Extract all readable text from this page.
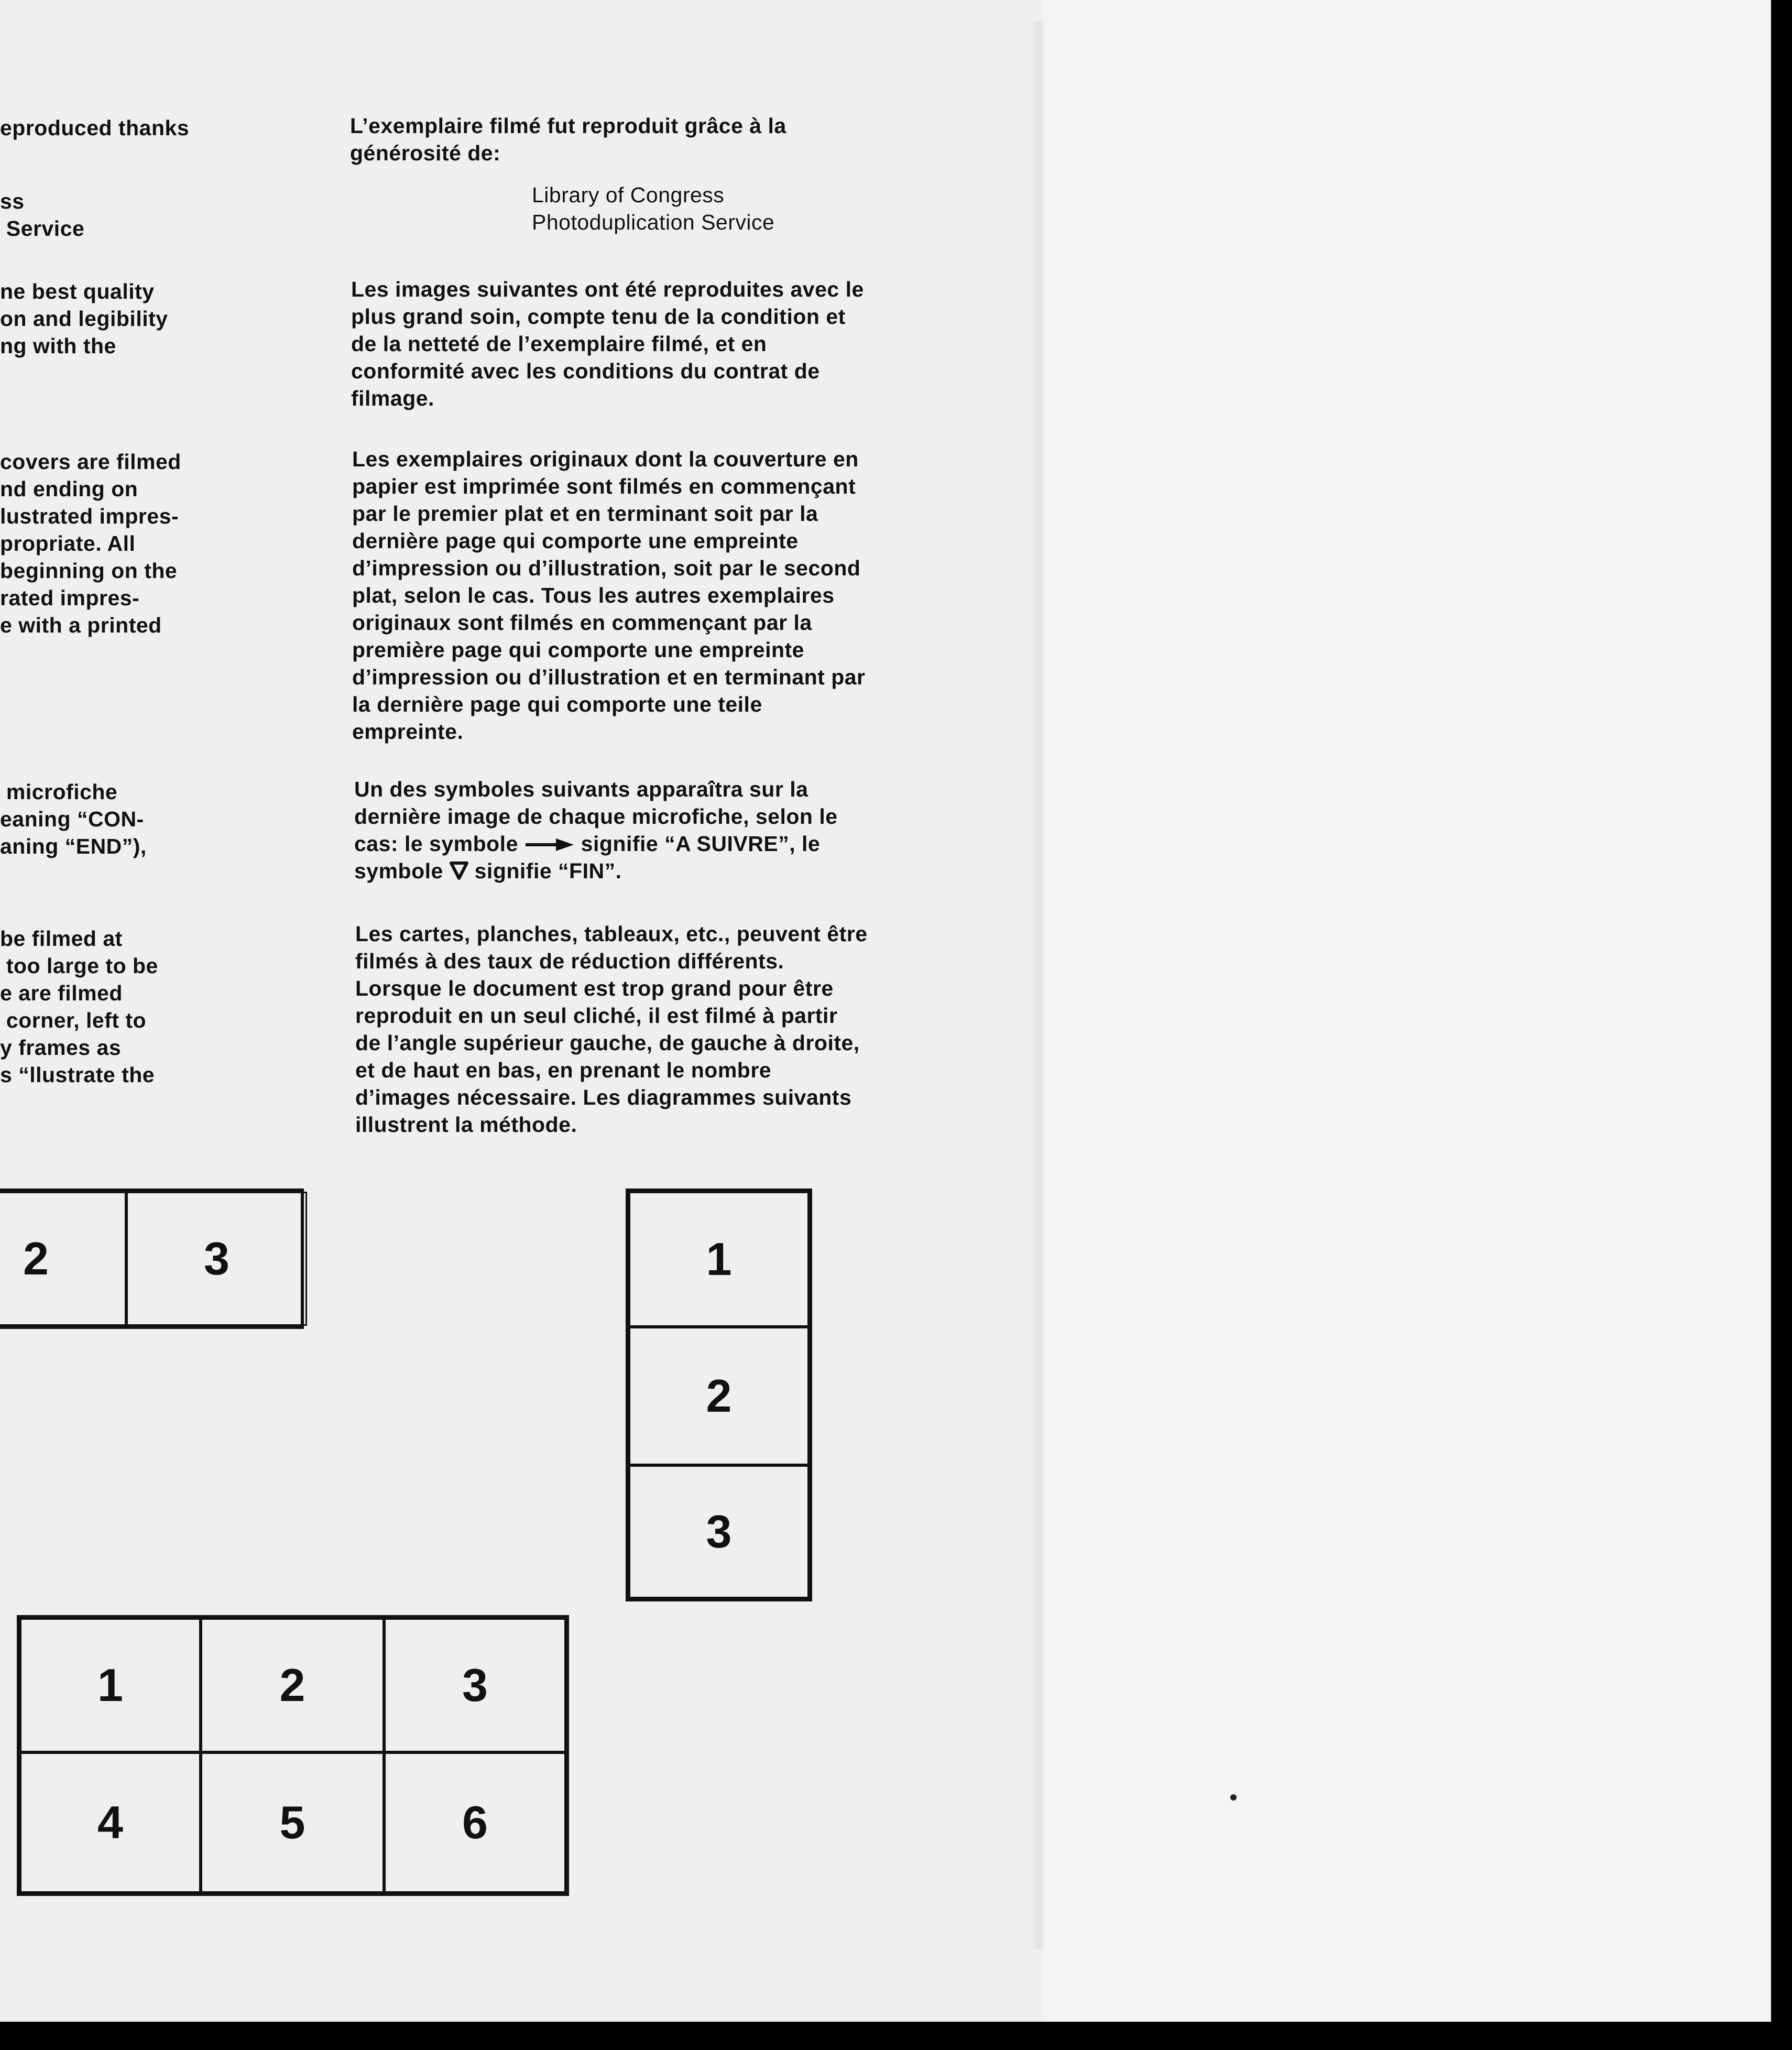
eproduced thanks

ss

Service

ne best quality
on and legibility
ng with the

covers are filmed
nd ending on
lustrated impres-
propriate. All
beginning on the
rated impres-
e with a printed

microfiche
eaning “CON-
aning “END”),

be filmed at
too large to be
e are filmed
corner, left to
y frames as
s “llustrate the

L’exemplaire filmé fut reproduit grâce à la
générosité de:

Library of Congress
Photoduplication Service

Les images suivantes ont été reproduites avec le
plus grand soin, compte tenu de la condition et
de la netteté de l’exemplaire filmé, et en
conformité avec les conditions du contrat de
filmage.

Les exemplaires originaux dont la couverture en
papier est imprimée sont filmés en commençant
par le premier plat et en terminant soit par la
dernière page qui comporte une empreinte
d’impression ou d’illustration, soit par le second
plat, selon le cas. Tous les autres exemplaires
originaux sont filmés en commençant par la
première page qui comporte une empreinte
d’impression ou d’illustration et en terminant par
la dernière page qui comporte une teile
empreinte.

Un des symboles suivants apparaîtra sur la

dernière image de chaque microfiche, selon le

cas: le symbole  signifie “A SUIVRE”, le

symbole  signifie “FIN”.

Les cartes, planches, tableaux, etc., peuvent être
filmés à des taux de réduction différents.
Lorsque le document est trop grand pour être
reproduit en un seul cliché, il est filmé à partir
de l’angle supérieur gauche, de gauche à droite,
et de haut en bas, en prenant le nombre
d’images nécessaire. Les diagrammes suivants
illustrent la méthode.

2	3	1
2
3
1	2	3
4	5	6
